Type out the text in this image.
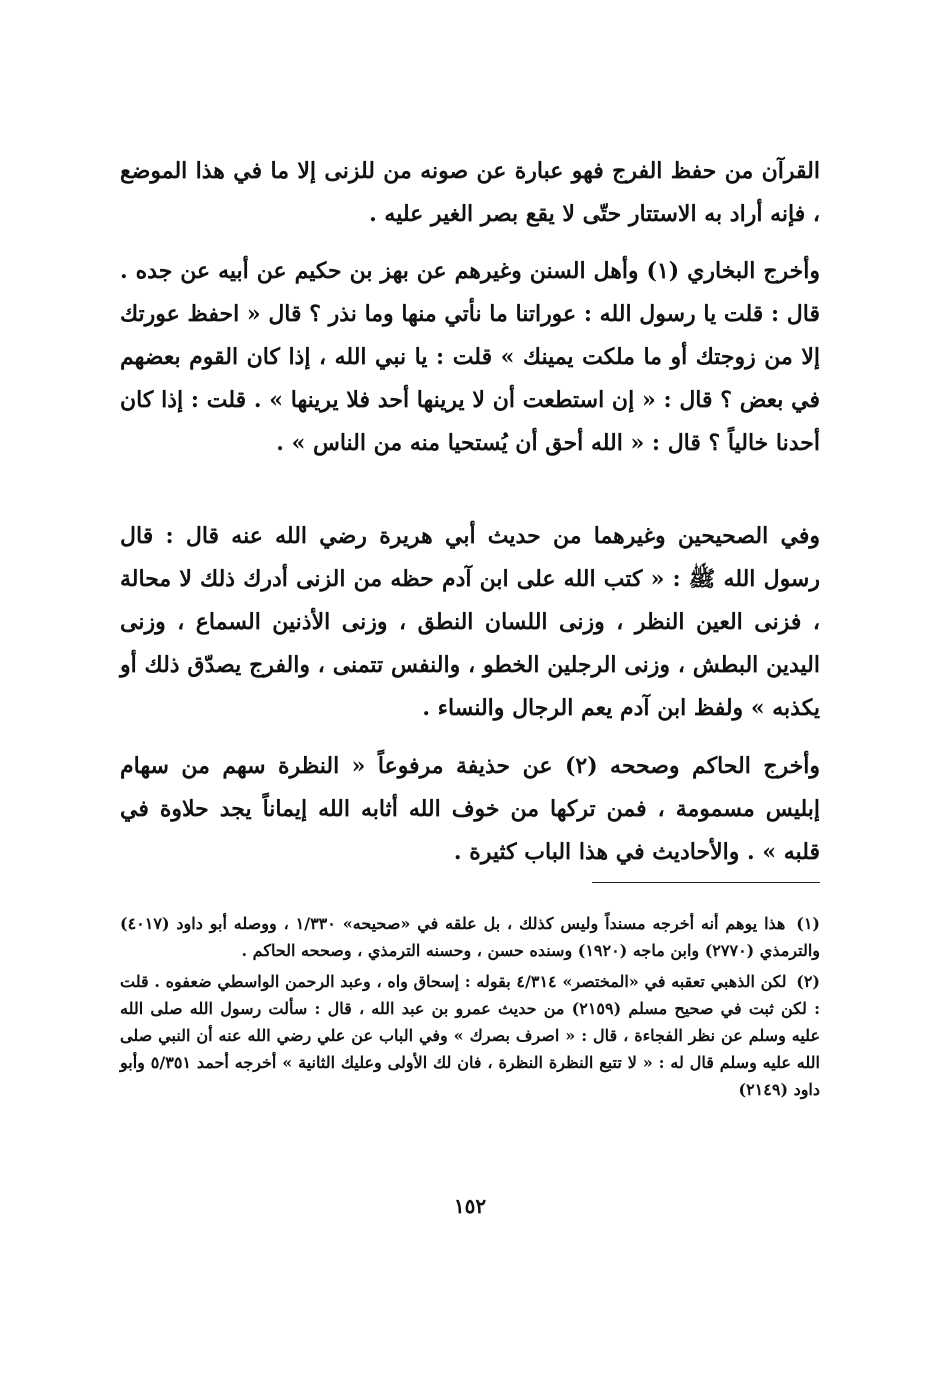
القرآن من حفظ الفرج فهو عبارة عن صونه من للزنى إلا ما في هذا الموضع ، فإنه أراد به الاستتار حتّى لا يقع بصر الغير عليه .

وأخرج البخاري (١) وأهل السنن وغيرهم عن بهز بن حكيم عن أبيه عن جده . قال : قلت يا رسول الله : عوراتنا ما نأتي منها وما نذر ؟ قال « احفظ عورتك إلا من زوجتك أو ما ملكت يمينك » قلت : يا نبي الله ، إذا كان القوم بعضهم في بعض ؟ قال : « إن استطعت أن لا يرينها أحد فلا يرينها » . قلت : إذا كان أحدنا خالياً ؟ قال : « الله أحق أن يُستحيا منه من الناس » .

وفي الصحيحين وغيرهما من حديث أبي هريرة رضي الله عنه قال : قال رسول الله ﷺ : « كتب الله على ابن آدم حظه من الزنى أدرك ذلك لا محالة ، فزنى العين النظر ، وزنى اللسان النطق ، وزنى الأذنين السماع ، وزنى اليدين البطش ، وزنى الرجلين الخطو ، والنفس تتمنى ، والفرج يصدّق ذلك أو يكذبه » ولفظ ابن آدم يعم الرجال والنساء .

وأخرج الحاكم وصححه (٢) عن حذيفة مرفوعاً « النظرة سهم من سهام إبليس مسمومة ، فمن تركها من خوف الله أثابه الله إيماناً يجد حلاوة في قلبه » . والأحاديث في هذا الباب كثيرة .

(١) هذا يوهم أنه أخرجه مسنداً وليس كذلك ، بل علقه في «صحيحه» ١/٣٣٠ ، ووصله أبو داود (٤٠١٧) والترمذي (٢٧٧٠) وابن ماجه (١٩٢٠) وسنده حسن ، وحسنه الترمذي ، وصححه الحاكم .

(٢) لكن الذهبي تعقبه في «المختصر» ٤/٣١٤ بقوله : إسحاق واه ، وعبد الرحمن الواسطي ضعفوه . قلت : لكن ثبت في صحيح مسلم (٢١٥٩) من حديث عمرو بن عبد الله ، قال : سألت رسول الله صلى الله عليه وسلم عن نظر الفجاءة ، قال : « اصرف بصرك » وفي الباب عن علي رضي الله عنه أن النبي صلى الله عليه وسلم قال له : « لا تتبع النظرة النظرة ، فان لك الأولى وعليك الثانية » أخرجه أحمد ٥/٣٥١ وأبو داود (٢١٤٩)

١٥٢
